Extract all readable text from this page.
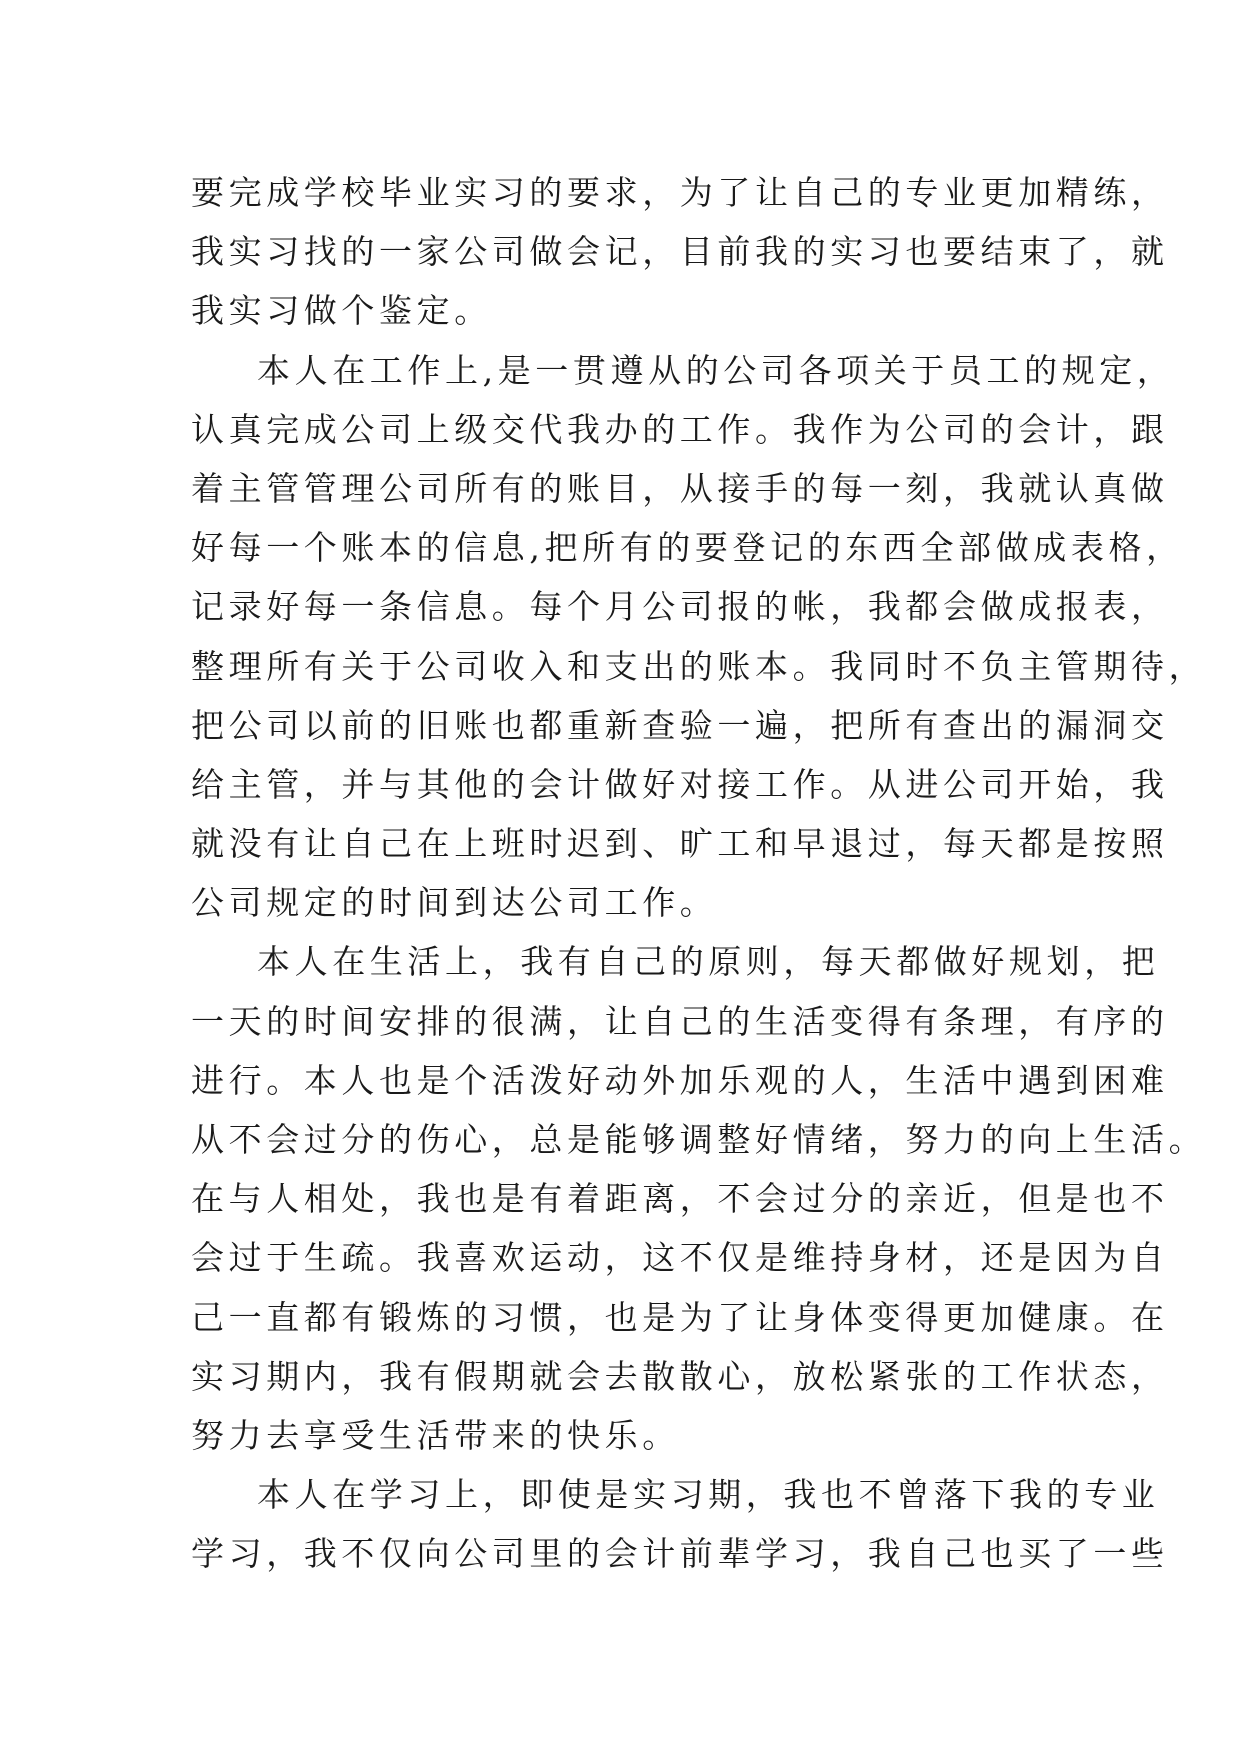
要完成学校毕业实习的要求，为了让自己的专业更加精练，
我实习找的一家公司做会记，目前我的实习也要结束了，就
我实习做个鉴定。
本人在工作上,是一贯遵从的公司各项关于员工的规定，
认真完成公司上级交代我办的工作。我作为公司的会计，跟
着主管管理公司所有的账目，从接手的每一刻，我就认真做
好每一个账本的信息,把所有的要登记的东西全部做成表格，
记录好每一条信息。每个月公司报的帐，我都会做成报表，
整理所有关于公司收入和支出的账本。我同时不负主管期待，
把公司以前的旧账也都重新查验一遍，把所有查出的漏洞交
给主管，并与其他的会计做好对接工作。从进公司开始，我
就没有让自己在上班时迟到、旷工和早退过，每天都是按照
公司规定的时间到达公司工作。
本人在生活上，我有自己的原则，每天都做好规划，把
一天的时间安排的很满，让自己的生活变得有条理，有序的
进行。本人也是个活泼好动外加乐观的人，生活中遇到困难
从不会过分的伤心，总是能够调整好情绪，努力的向上生活。
在与人相处，我也是有着距离，不会过分的亲近，但是也不
会过于生疏。我喜欢运动，这不仅是维持身材，还是因为自
己一直都有锻炼的习惯，也是为了让身体变得更加健康。在
实习期内，我有假期就会去散散心，放松紧张的工作状态，
努力去享受生活带来的快乐。
本人在学习上，即使是实习期，我也不曾落下我的专业
学习，我不仅向公司里的会计前辈学习，我自己也买了一些
